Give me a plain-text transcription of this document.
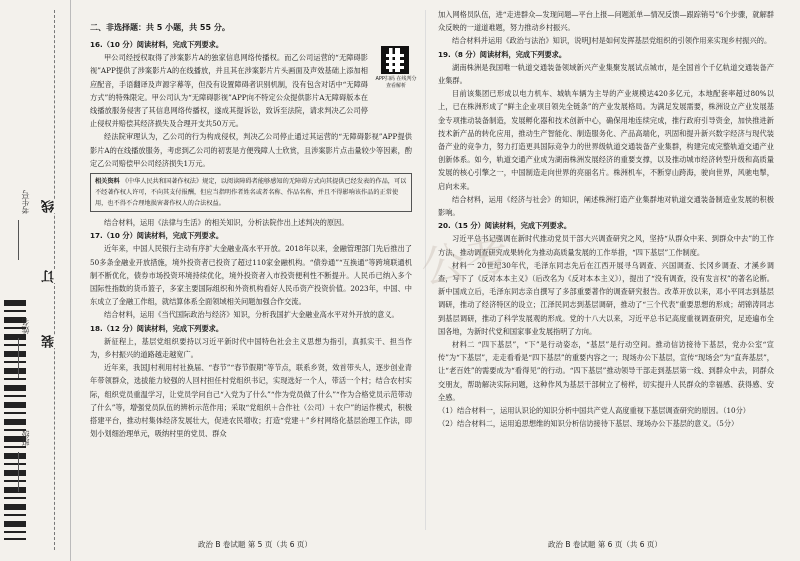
考生号
姓名
班级
线
订
装
二、非选择题：共 5 小题，共 55 分。
APP扫码 在线判分查看解析

16.（10 分）阅读材料，完成下列要求。

甲公司经授权取得了涉案影片A的独家信息网络传播权。而乙公司运营的“无障碍影视”APP提供了涉案影片A的在线播放，并且其在涉案影片片头画面及声效基础上添加相应配音，手语翻译及声源字幕等，但没有设置障碍者识别机制，没有包含对话中“无障碍方式”的特殊限定。甲公司认为“无障碍影视”APP向不特定公众提供影片A无障碍版本在线播放服务侵害了其信息网络传播权，遂成其提诉讼，致诉至法院，请求判决乙公司停止侵权并赔偿其经济损失及合理开支共50万元。

经法院审理认为，乙公司的行为构成侵权，判决乙公司停止通过其运营的“无障碍影视”APP提供影片A的在线播放服务，考虑到乙公司的初衷是方便残障人士欣赏，且涉案影片点击量较少等因素，酌定乙公司赔偿甲公司经济损失1万元。

相关资料 《中华人民共和国著作权法》规定，以阅读障碍者能够感知的无障碍方式向其提供已经发表的作品，可以不经著作权人许可，不向其支付报酬，但应当指明作者姓名或者名称、作品名称，并且不得影响该作品的正常使用，也不得不合理地损害著作权人的合法权益。

结合材料，运用《法律与生活》的相关知识，分析法院作出上述判决的原因。

17.（10 分）阅读材料，完成下列要求。

近年来，中国人民银行主动有序扩大金融业高水平开放。2018年以来，金融管理部门先后推出了50多条金融业开放措施，境外投资者已投资了超过110家金融机构。“债券通”“互换通”等跨境联通机制不断优化，债券市场投资环境持续优化，境外投资者入市投资便利性不断提升。人民币已纳入多个国际性指数的货币篮子，多家主要国际组织和外资机构看好人民币资产投资价值。2023年，中国、中东成立了金融工作组，就结算体系全面领域相关问题加强合作交流。

结合材料，运用《当代国际政治与经济》知识，分析我国扩大金融业高水平对外开放的意义。

18.（12 分）阅读材料，完成下列要求。

新征程上，基层党组织要持以习近平新时代中国特色社会主义思想为指引，真抓实干、担当作为，乡村振兴的道路越走越宽广。

近年来，我国J村利用村社换届、“春节”“春节假期”等节点，联系乡贤，效首带头人，逐步创业青年带领群众，选拔能力较强的人回村担任村党组织书记，实现选好一个人，带活一个村；结合农村实际，组织党员重温学习，让党员学问自己“入党为了什么”“作为党员做了什么”“作为合格党员示范带动了什么”等，增强党员队伍的辨析示范作用；采取“党组织＋合作社（公司）＋农户”的运作模式，积极搭建平台，推动村集体经济发展壮大，促进农民增收；打造“党建＋”乡村网络化基层治理工作法，即划小划细治理单元，吸纳村里的党员、群众

加入网格员队伍，进“走进群众—发现问题—平台上报—问题派单—情况反馈—跟踪销号”6个步骤，就解群众反映的一道道难题，努力推动乡村振兴。

结合材料并运用《政治与法治》知识，说明J村是如何发挥基层党组织的引领作用来实现乡村振兴的。

19.（8 分）阅读材料，完成下列要求。

湖南株洲是我国唯一轨道交通装备领域新兴产业集聚发展试点城市，是全国首个千亿轨道交通装备产业集群。

目前该集团已形成以电力机车、城轨车辆为主导的产业规模达420多亿元，本地配套率超过80%以上，已在株洲形成了“鲜主企业项目领先全链条”的产业发展格局。为满足发展需要，株洲设立产业发展基金专项推动装备制造，发展孵化器和技术创新中心，确保用地连续完成，推行政府引导资金，加快推进新技术新产品的转化应用，推动生产智能化、制造服务化、产品高端化，巩固和提升新兴数字经济与现代装备产业的竞争力，努力打造更具国际竞争力的世界级轨道交通装备产业集群，构建完成完整轨道交通产业创新体系。如今，轨道交通产业成为湖南株洲发展经济的重要支撑，以及推动城市经济转型升级和高质量发展的核心引擎之一，中国制造走向世界的亮丽名片。株洲机车，不断穿山跨海，驶向世界，风驰电掣，启向未来。

结合材料，运用《经济与社会》的知识，阐述株洲打造产业集群地对轨道交通装备制造业发展的积极影响。

20.（15 分）阅读材料，完成下列要求。

习近平总书记强调在新时代推动党员干部大兴调查研究之风，坚持“从群众中来、到群众中去”的工作方法，推动调查研究成果转化为推动高质量发展的工作举措，“四下基层”工作制度。

材料一 20世纪30年代，毛泽东同志先后在江西开展寻乌调查、兴国调查、长冈乡调查、才溪乡调查，写下了《反对本本主义》（后改名为《反对本本主义》），提出了“没有调查，没有发言权”的著名论断。新中国成立后，毛泽东同志亲自撰写了多部重要著作的调查研究报告。改革开放以来，邓小平同志到基层调研，推动了经济特区的设立；江泽民同志到基层调研，推动了“三个代表”重要思想的形成；胡锦涛同志到基层调研，推动了科学发展观的形成。党的十八大以来，习近平总书记高度重视调查研究，足迹遍布全国各地，为新时代党和国家事业发展指明了方向。

材料二 “四下基层”，“下”是行动姿态，“基层”是行动空间。推动信访接待下基层，党办公室“宣传”为“下基层”，走走看看是“四下基层”的重要内容之一；现场办公下基层，宣传“现场会”为“直奔基层”，让“老百姓”的需要成为“看得见”的行动。“四下基层”推动领导干部走到基层第一线、到群众中去，同群众交朋友，帮助解决实际问题，这种作风为基层干部树立了榜样，切实提升人民群众的幸福感、获得感、安全感。

（1）结合材料一，运用认识论的知识分析中国共产党人高度重视下基层调查研究的原因。（10分）

（2）结合材料二，运用追思想维的知识分析信访接待下基层、现场办公下基层的意义。（5分）

公考
政治 B 卷试题 第 5 页（共 6 页）	政治 B 卷试题 第 6 页（共 6 页）
